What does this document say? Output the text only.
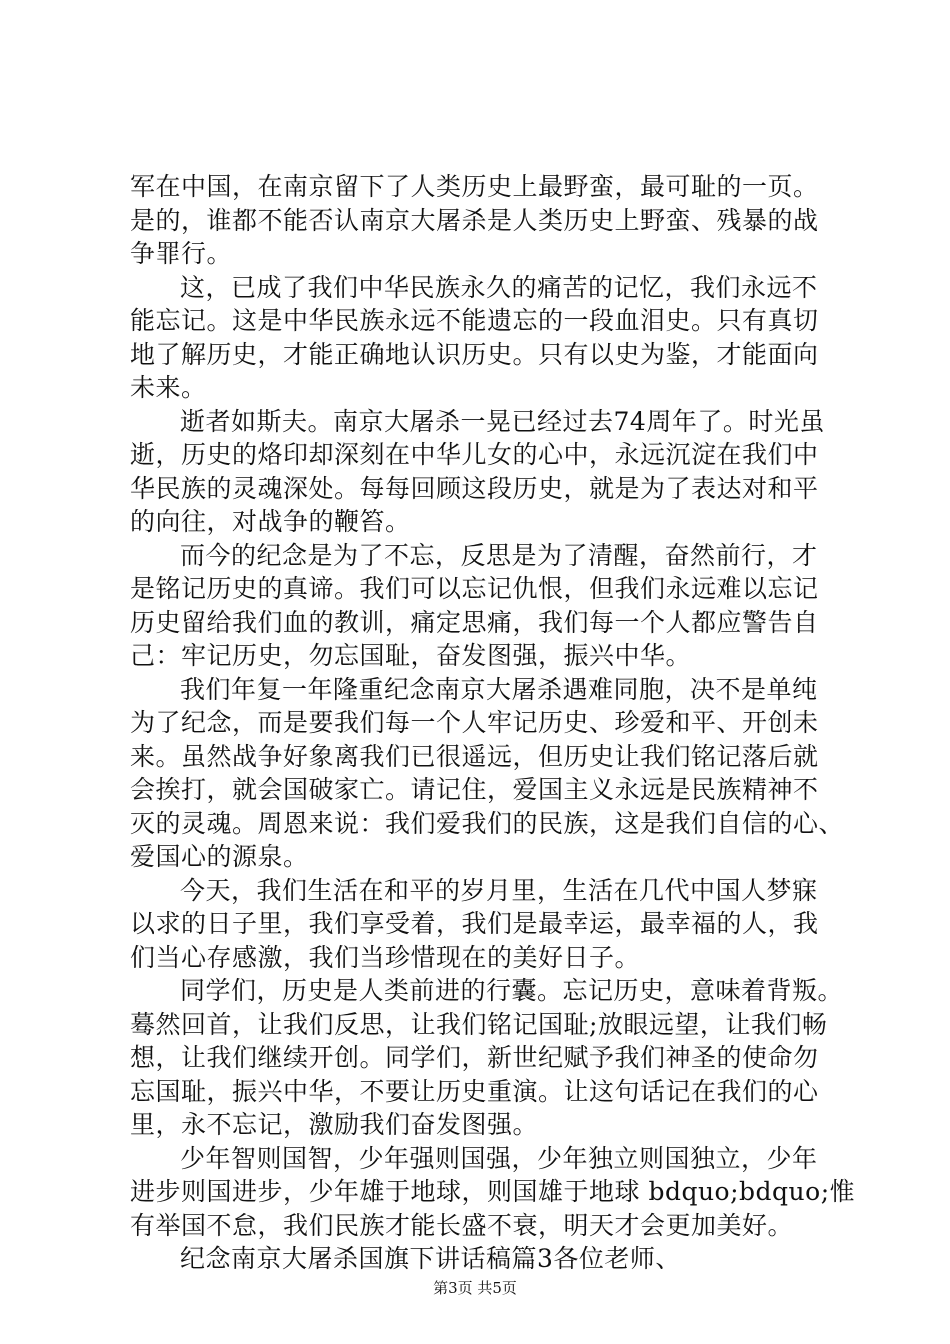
军在中国，在南京留下了人类历史上最野蛮，最可耻的一页。
是的，谁都不能否认南京大屠杀是人类历史上野蛮、残暴的战
争罪行。
这，已成了我们中华民族永久的痛苦的记忆，我们永远不
能忘记。这是中华民族永远不能遗忘的一段血泪史。只有真切
地了解历史，才能正确地认识历史。只有以史为鉴，才能面向
未来。
逝者如斯夫。南京大屠杀一晃已经过去74周年了。时光虽
逝，历史的烙印却深刻在中华儿女的心中，永远沉淀在我们中
华民族的灵魂深处。每每回顾这段历史，就是为了表达对和平
的向往，对战争的鞭笞。
而今的纪念是为了不忘，反思是为了清醒，奋然前行，才
是铭记历史的真谛。我们可以忘记仇恨，但我们永远难以忘记
历史留给我们血的教训，痛定思痛，我们每一个人都应警告自
己：牢记历史，勿忘国耻，奋发图强，振兴中华。
我们年复一年隆重纪念南京大屠杀遇难同胞，决不是单纯
为了纪念，而是要我们每一个人牢记历史、珍爱和平、开创未
来。虽然战争好象离我们已很遥远，但历史让我们铭记落后就
会挨打，就会国破家亡。请记住，爱国主义永远是民族精神不
灭的灵魂。周恩来说：我们爱我们的民族，这是我们自信的心、
爱国心的源泉。
今天，我们生活在和平的岁月里，生活在几代中国人梦寐
以求的日子里，我们享受着，我们是最幸运，最幸福的人，我
们当心存感激，我们当珍惜现在的美好日子。
同学们，历史是人类前进的行囊。忘记历史，意味着背叛。
蓦然回首，让我们反思，让我们铭记国耻;放眼远望，让我们畅
想，让我们继续开创。同学们，新世纪赋予我们神圣的使命勿
忘国耻，振兴中华，不要让历史重演。让这句话记在我们的心
里，永不忘记，激励我们奋发图强。
少年智则国智，少年强则国强，少年独立则国独立，少年
进步则国进步，少年雄于地球，则国雄于地球 bdquo;bdquo;惟
有举国不怠，我们民族才能长盛不衰，明天才会更加美好。
纪念南京大屠杀国旗下讲话稿篇3各位老师、
第3页 共5页
